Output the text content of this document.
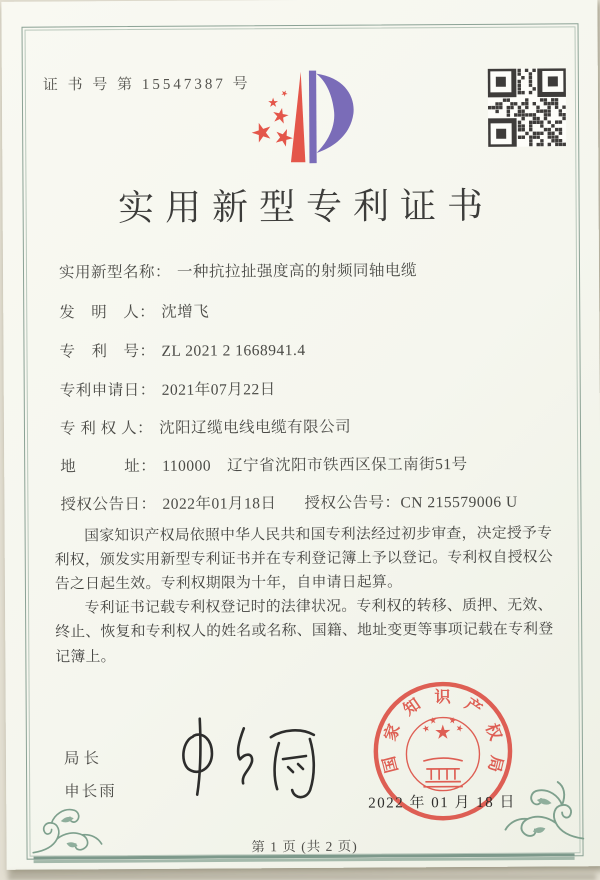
证 书 号 第 15547387 号
实用新型专利证书
实用新型名称： 一种抗拉扯强度高的射频同轴电缆
发　明　人： 沈增飞
专　利　号： ZL 2021 2 1668941.4
专利申请日： 2021年07月22日
专 利 权 人： 沈阳辽缆电线电缆有限公司
地　　　址： 110000　辽宁省沈阳市铁西区保工南街51号
授权公告日： 2022年01月18日 授权公告号：CN 215579006 U

国家知识产权局依照中华人民共和国专利法经过初步审查，决定授予专利权，颁发实用新型专利证书并在专利登记簿上予以登记。专利权自授权公告之日起生效。专利权期限为十年，自申请日起算。

专利证书记载专利权登记时的法律状况。专利权的转移、质押、无效、终止、恢复和专利权人的姓名或名称、国籍、地址变更等事项记载在专利登记簿上。

局长
申长雨
国
家
知 识 产
权
局
2022 年 01 月 18 日
第 1 页 (共 2 页)
